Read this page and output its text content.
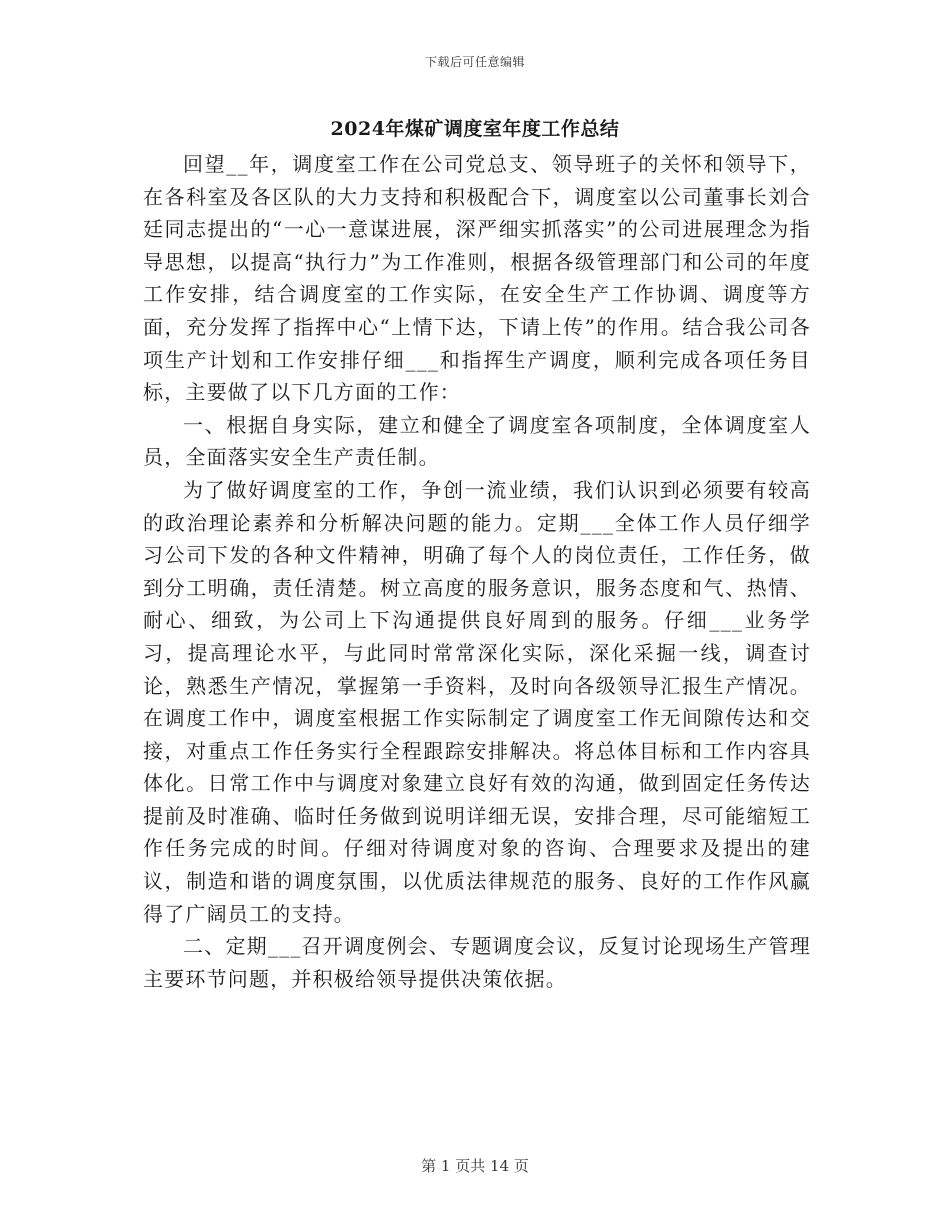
下载后可任意编辑
2024年煤矿调度室年度工作总结

回望__年，调度室工作在公司党总支、领导班子的关怀和领导下，在各科室及各区队的大力支持和积极配合下，调度室以公司董事长刘合廷同志提出的“一心一意谋进展，深严细实抓落实”的公司进展理念为指导思想，以提高“执行力”为工作准则，根据各级管理部门和公司的年度工作安排，结合调度室的工作实际，在安全生产工作协调、调度等方面，充分发挥了指挥中心“上情下达，下请上传”的作用。结合我公司各项生产计划和工作安排仔细___和指挥生产调度，顺利完成各项任务目标，主要做了以下几方面的工作：

一、根据自身实际，建立和健全了调度室各项制度，全体调度室人员，全面落实安全生产责任制。

为了做好调度室的工作，争创一流业绩，我们认识到必须要有较高的政治理论素养和分析解决问题的能力。定期___全体工作人员仔细学习公司下发的各种文件精神，明确了每个人的岗位责任，工作任务，做到分工明确，责任清楚。树立高度的服务意识，服务态度和气、热情、耐心、细致，为公司上下沟通提供良好周到的服务。仔细___业务学习，提高理论水平，与此同时常常深化实际，深化采掘一线，调查讨论，熟悉生产情况，掌握第一手资料，及时向各级领导汇报生产情况。在调度工作中，调度室根据工作实际制定了调度室工作无间隙传达和交接，对重点工作任务实行全程跟踪安排解决。将总体目标和工作内容具体化。日常工作中与调度对象建立良好有效的沟通，做到固定任务传达提前及时准确、临时任务做到说明详细无误，安排合理，尽可能缩短工作任务完成的时间。仔细对待调度对象的咨询、合理要求及提出的建议，制造和谐的调度氛围，以优质法律规范的服务、良好的工作作风赢得了广阔员工的支持。

二、定期___召开调度例会、专题调度会议，反复讨论现场生产管理主要环节问题，并积极给领导提供决策依据。

第 1 页共 14 页
